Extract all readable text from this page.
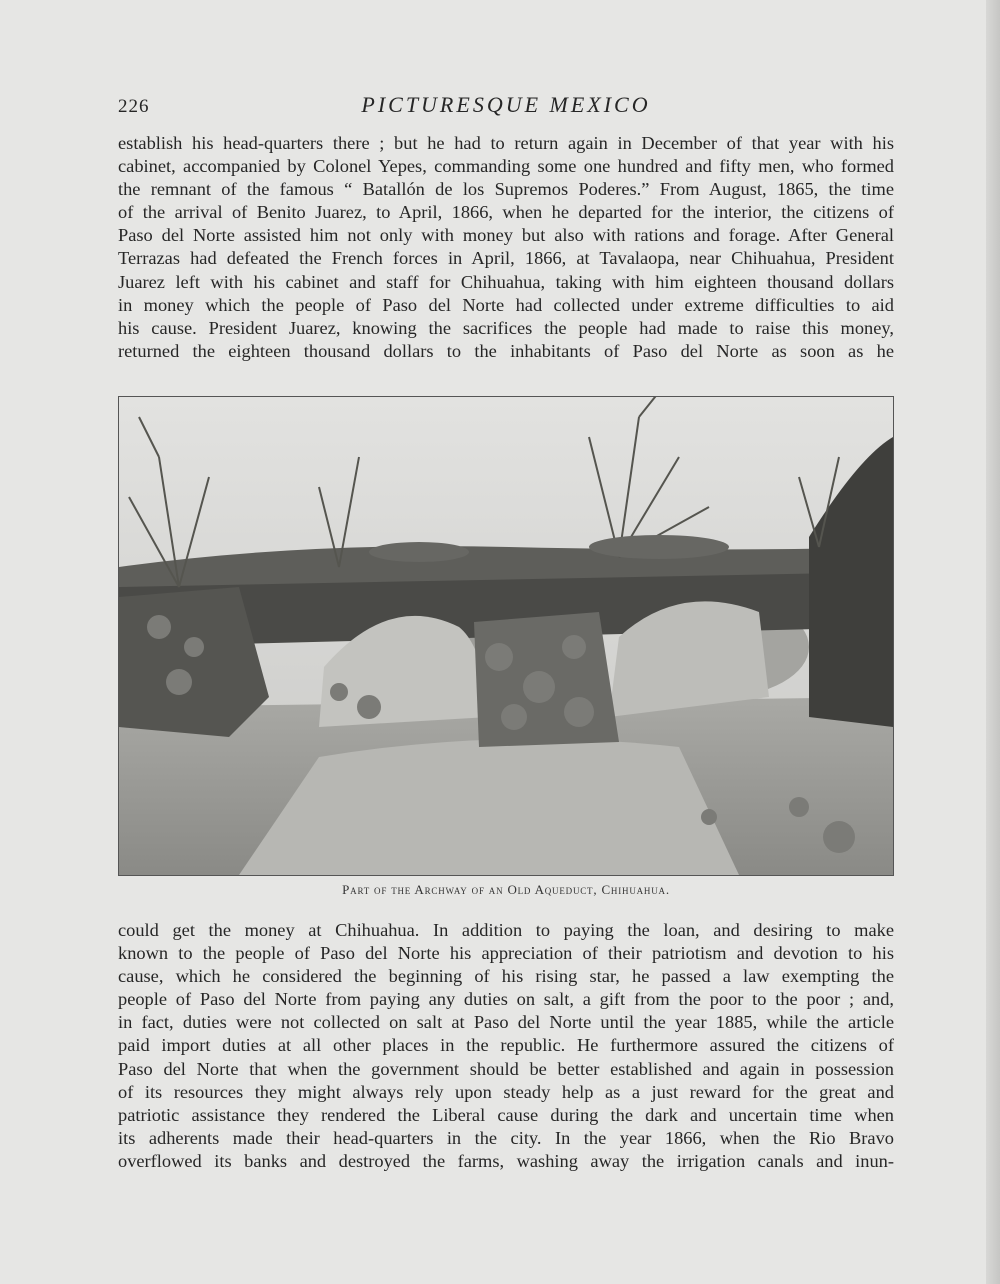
226	PICTURESQUE MEXICO
establish his head-quarters there ; but he had to return again in December of that year with his
cabinet, accompanied by Colonel Yepes, commanding some one hundred and fifty men, who formed
the remnant of the famous “ Batallón de los Supremos Poderes.” From August, 1865, the time
of the arrival of Benito Juarez, to April, 1866, when he departed for the interior, the citizens of
Paso del Norte assisted him not only with money but also with rations and forage. After General
Terrazas had defeated the French forces in April, 1866, at Tavalaopa, near Chihuahua, President
Juarez left with his cabinet and staff for Chihuahua, taking with him eighteen thousand dollars
in money which the people of Paso del Norte had collected under extreme difficulties to aid
his cause. President Juarez, knowing the sacrifices the people had made to raise this money,
returned the eighteen thousand dollars to the inhabitants of Paso del Norte as soon as he
Part of the Archway of an Old Aqueduct, Chihuahua.
could get the money at Chihuahua. In addition to paying the loan, and desiring to make
known to the people of Paso del Norte his appreciation of their patriotism and devotion to his
cause, which he considered the beginning of his rising star, he passed a law exempting the
people of Paso del Norte from paying any duties on salt, a gift from the poor to the poor ; and,
in fact, duties were not collected on salt at Paso del Norte until the year 1885, while the article
paid import duties at all other places in the republic. He furthermore assured the citizens of
Paso del Norte that when the government should be better established and again in possession
of its resources they might always rely upon steady help as a just reward for the great and
patriotic assistance they rendered the Liberal cause during the dark and uncertain time when
its adherents made their head-quarters in the city. In the year 1866, when the Rio Bravo
overflowed its banks and destroyed the farms, washing away the irrigation canals and inun-
